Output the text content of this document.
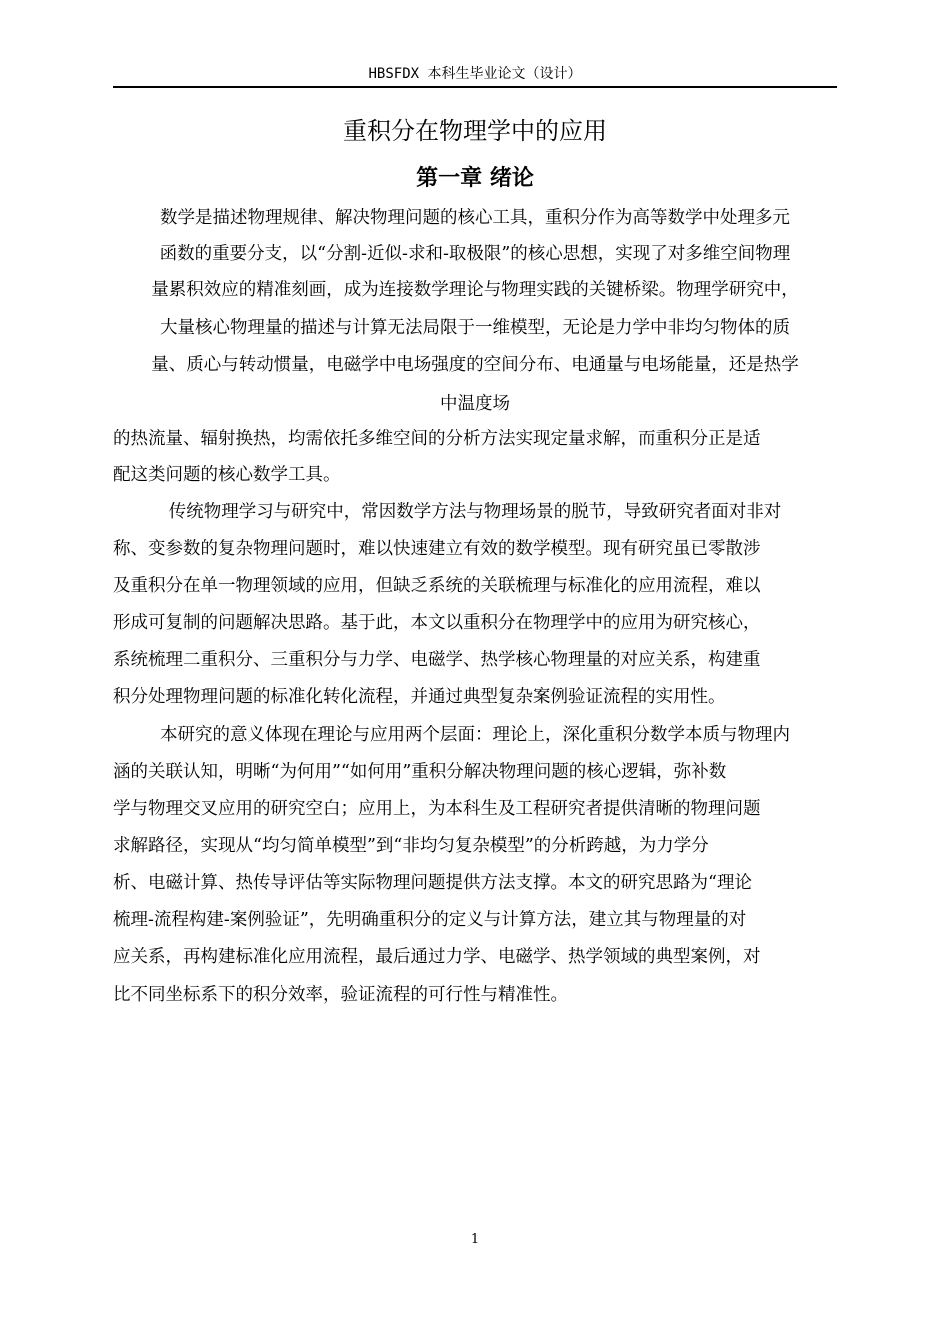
HBSFDX 本科生毕业论文（设计）
重积分在物理学中的应用
第一章 绪论
数学是描述物理规律、解决物理问题的核心工具，重积分作为高等数学中处理多元
函数的重要分支，以“分割-近似-求和-取极限”的核心思想，实现了对多维空间物理
量累积效应的精准刻画，成为连接数学理论与物理实践的关键桥梁。物理学研究中，
大量核心物理量的描述与计算无法局限于一维模型，无论是力学中非均匀物体的质
量、质心与转动惯量，电磁学中电场强度的空间分布、电通量与电场能量，还是热学
中温度场
的热流量、辐射换热，均需依托多维空间的分析方法实现定量求解，而重积分正是适
配这类问题的核心数学工具。
传统物理学习与研究中，常因数学方法与物理场景的脱节，导致研究者面对非对
称、变参数的复杂物理问题时，难以快速建立有效的数学模型。现有研究虽已零散涉
及重积分在单一物理领域的应用，但缺乏系统的关联梳理与标准化的应用流程，难以
形成可复制的问题解决思路。基于此，本文以重积分在物理学中的应用为研究核心，
系统梳理二重积分、三重积分与力学、电磁学、热学核心物理量的对应关系，构建重
积分处理物理问题的标准化转化流程，并通过典型复杂案例验证流程的实用性。
本研究的意义体现在理论与应用两个层面：理论上，深化重积分数学本质与物理内
涵的关联认知，明晰“为何用”“如何用”重积分解决物理问题的核心逻辑，弥补数
学与物理交叉应用的研究空白；应用上，为本科生及工程研究者提供清晰的物理问题
求解路径，实现从“均匀简单模型”到“非均匀复杂模型”的分析跨越，为力学分
析、电磁计算、热传导评估等实际物理问题提供方法支撑。本文的研究思路为“理论
梳理-流程构建-案例验证”，先明确重积分的定义与计算方法，建立其与物理量的对
应关系，再构建标准化应用流程，最后通过力学、电磁学、热学领域的典型案例，对
比不同坐标系下的积分效率，验证流程的可行性与精准性。
1
